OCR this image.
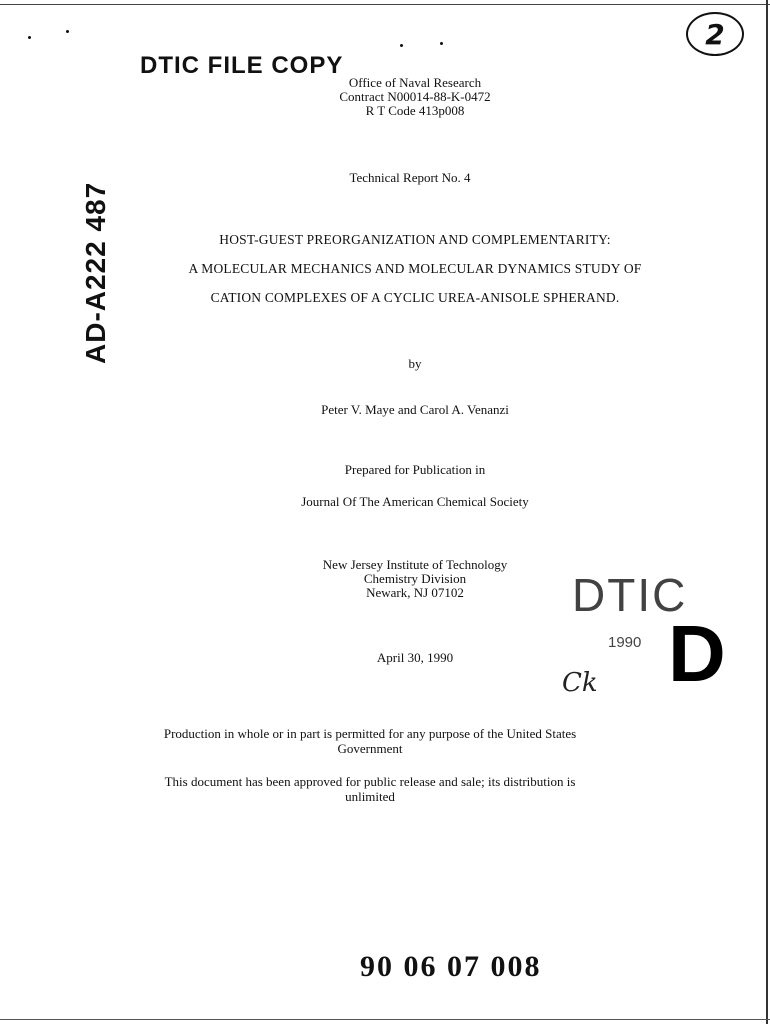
DTIC FILE COPY
2
Office of Naval Research
Contract N00014-88-K-0472
R T Code 413p008
AD-A222 487
Technical Report No. 4
HOST-GUEST PREORGANIZATION AND COMPLEMENTARITY:
A MOLECULAR MECHANICS AND MOLECULAR DYNAMICS STUDY OF
CATION COMPLEXES OF A CYCLIC UREA-ANISOLE SPHERAND.
by
Peter V. Maye and Carol A. Venanzi
Prepared for Publication in
Journal Of The American Chemical Society
New Jersey Institute of Technology
Chemistry Division
Newark, NJ 07102
April 30, 1990
DTIC
1990 D
Ck
Production in whole or in part is permitted for any purpose of the United States
Government
This document has been approved for public release and sale; its distribution is
unlimited
90 06 07 008
